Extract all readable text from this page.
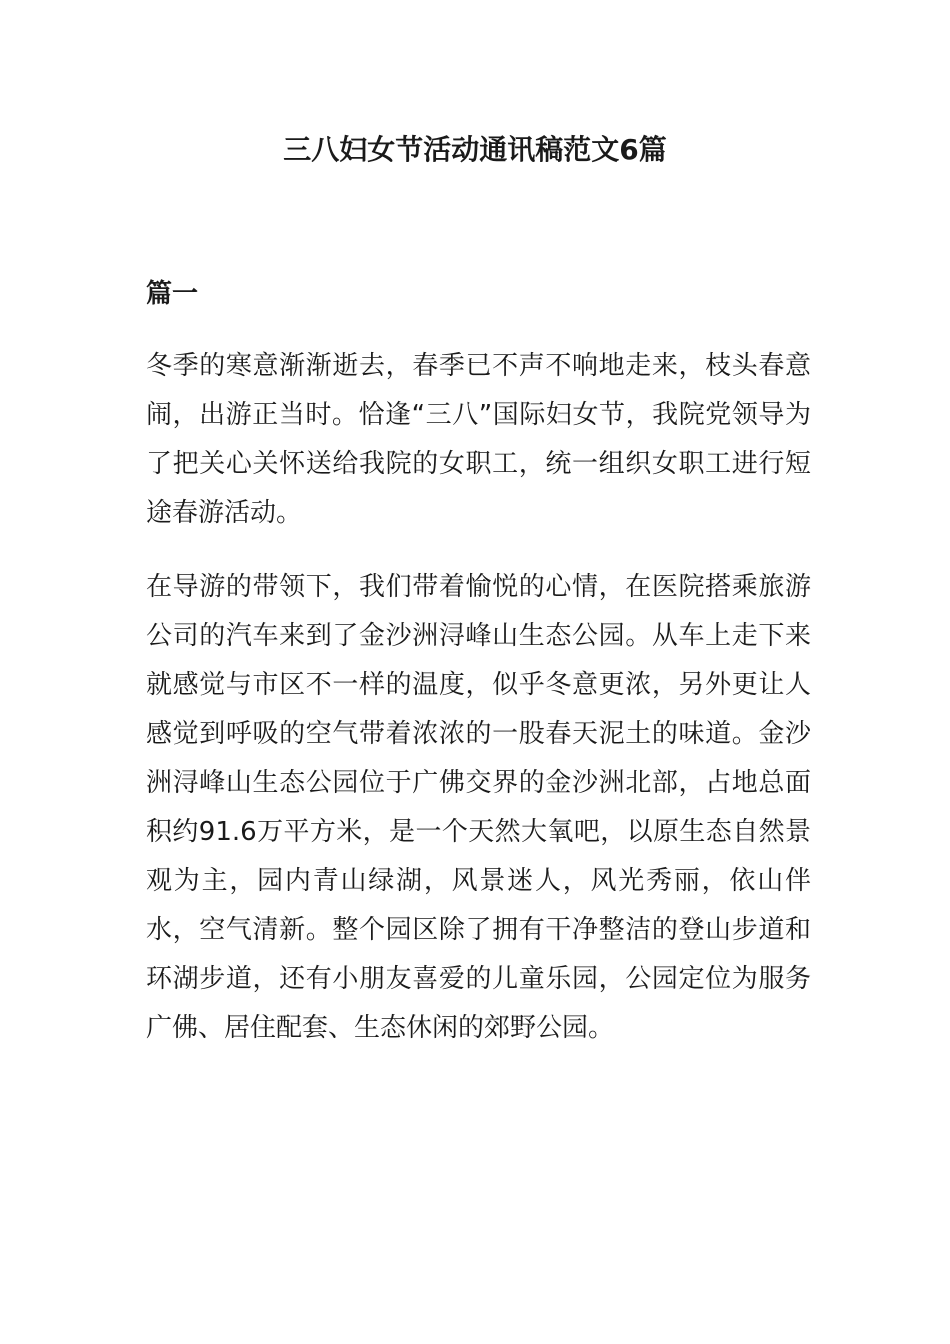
三八妇女节活动通讯稿范文6篇
篇一

冬季的寒意渐渐逝去，春季已不声不响地走来，枝头春意闹，出游正当时。恰逢“三八”国际妇女节，我院党领导为了把关心关怀送给我院的女职工，统一组织女职工进行短途春游活动。

在导游的带领下，我们带着愉悦的心情，在医院搭乘旅游公司的汽车来到了金沙洲浔峰山生态公园。从车上走下来就感觉与市区不一样的温度，似乎冬意更浓，另外更让人感觉到呼吸的空气带着浓浓的一股春天泥土的味道。金沙洲浔峰山生态公园位于广佛交界的金沙洲北部，占地总面积约91.6万平方米，是一个天然大氧吧，以原生态自然景观为主，园内青山绿湖，风景迷人，风光秀丽，依山伴水，空气清新。整个园区除了拥有干净整洁的登山步道和环湖步道，还有小朋友喜爱的儿童乐园，公园定位为服务广佛、居住配套、生态休闲的郊野公园。
